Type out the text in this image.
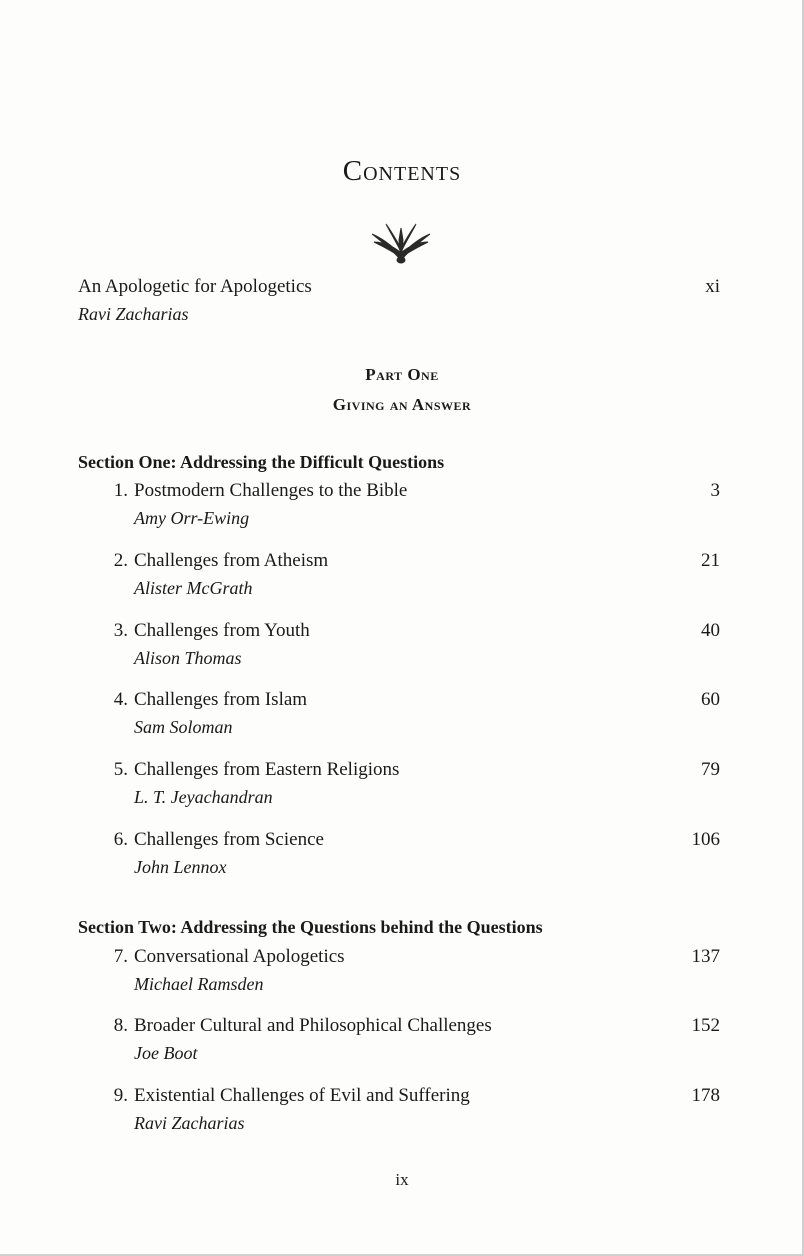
Contents
An Apologetic for Apologetics	xi
Ravi Zacharias
Part One
Giving an Answer
Section One: Addressing the Difficult Questions
1. Postmodern Challenges to the Bible	3
Amy Orr-Ewing
2. Challenges from Atheism	21
Alister McGrath
3. Challenges from Youth	40
Alison Thomas
4. Challenges from Islam	60
Sam Soloman
5. Challenges from Eastern Religions	79
L. T. Jeyachandran
6. Challenges from Science	106
John Lennox
Section Two: Addressing the Questions behind the Questions
7. Conversational Apologetics	137
Michael Ramsden
8. Broader Cultural and Philosophical Challenges	152
Joe Boot
9. Existential Challenges of Evil and Suffering	178
Ravi Zacharias
ix
